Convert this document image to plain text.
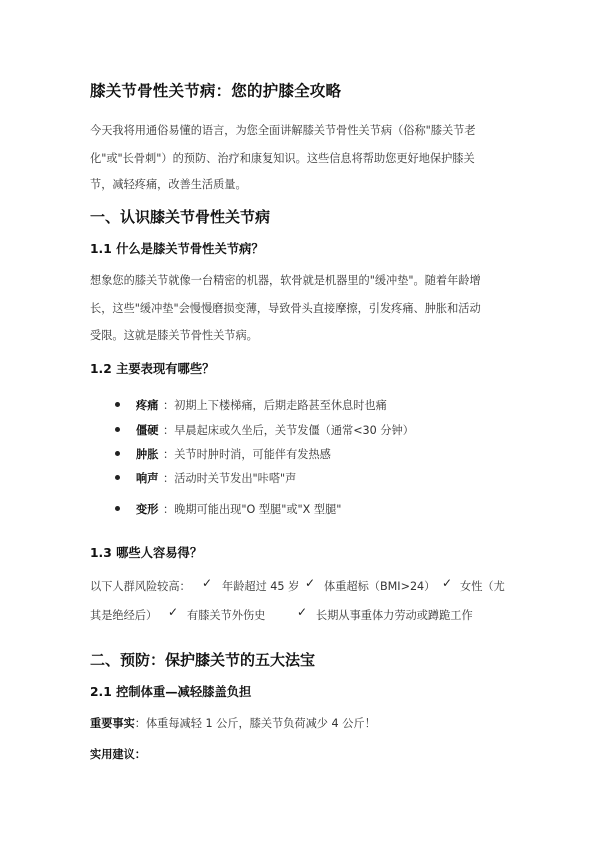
膝关节骨性关节病：您的护膝全攻略
今天我将用通俗易懂的语言，为您全面讲解膝关节骨性关节病（俗称"膝关节老
化"或"长骨刺"）的预防、治疗和康复知识。这些信息将帮助您更好地保护膝关
节，减轻疼痛，改善生活质量。
一、认识膝关节骨性关节病
1.1 什么是膝关节骨性关节病？
想象您的膝关节就像一台精密的机器，软骨就是机器里的"缓冲垫"。随着年龄增
长，这些"缓冲垫"会慢慢磨损变薄，导致骨头直接摩擦，引发疼痛、肿胀和活动
受限。这就是膝关节骨性关节病。
1.2 主要表现有哪些？
疼痛 ：初期上下楼梯痛，后期走路甚至休息时也痛
僵硬 ：早晨起床或久坐后，关节发僵（通常<30 分钟）
肿胀 ：关节时肿时消，可能伴有发热感
响声 ：活动时关节发出"咔嗒"声
变形 ：晚期可能出现"O 型腿"或"X 型腿"
1.3 哪些人容易得？
以下人群风险较高： ✓ 年龄超过 45 岁 ✓ 体重超标（BMI>24） ✓ 女性（尤
其是绝经后） ✓ 有膝关节外伤史	✓ 长期从事重体力劳动或蹲跪工作
二、预防：保护膝关节的五大法宝
2.1 控制体重—减轻膝盖负担
重要事实：体重每减轻 1 公斤，膝关节负荷减少 4 公斤！
实用建议：
